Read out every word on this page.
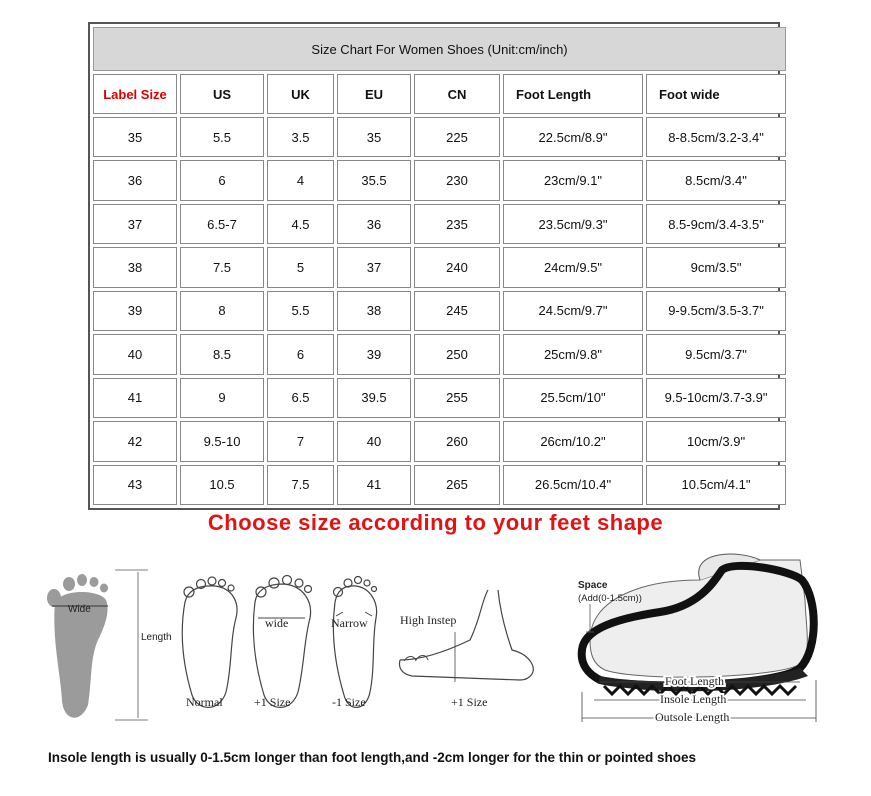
Size Chart For Women Shoes (Unit:cm/inch)						
Label Size	US	UK	EU	CN	Foot Length	Foot wide
35	5.5	3.5	35	225	22.5cm/8.9"	8-8.5cm/3.2-3.4"
36	6	4	35.5	230	23cm/9.1"	8.5cm/3.4"
37	6.5-7	4.5	36	235	23.5cm/9.3"	8.5-9cm/3.4-3.5"
38	7.5	5	37	240	24cm/9.5"	9cm/3.5"
39	8	5.5	38	245	24.5cm/9.7"	9-9.5cm/3.5-3.7"
40	8.5	6	39	250	25cm/9.8"	9.5cm/3.7"
41	9	6.5	39.5	255	25.5cm/10"	9.5-10cm/3.7-3.9"
42	9.5-10	7	40	260	26cm/10.2"	10cm/3.9"
43	10.5	7.5	41	265	26.5cm/10.4"	10.5cm/4.1"
Choose size according to your feet shape
Wide
Length
wide	Narrow	High Instep
Normal	+1 Size	-1 Size	+1 Size
Space
(Add(0-1.5cm))
Foot Length
Insole Length
Outsole Length
Insole length is usually 0-1.5cm longer than foot length,and -2cm longer for the thin or pointed shoes
